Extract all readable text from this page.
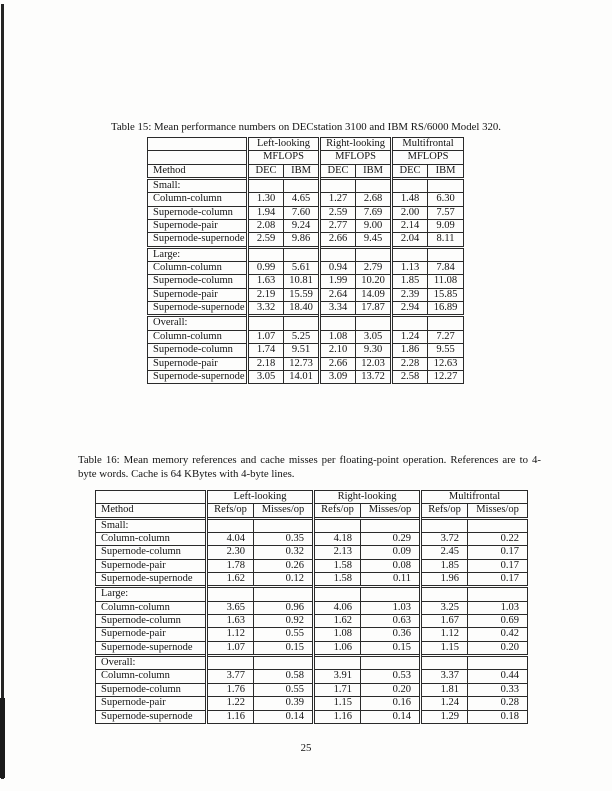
Table 15: Mean performance numbers on DECstation 3100 and IBM RS/6000 Model 320.
	Left-looking		Right-looking		Multifrontal	
	MFLOPS		MFLOPS		MFLOPS	
Method	DEC	IBM	DEC	IBM	DEC	IBM
Small:						
Column-column	1.30	4.65	1.27	2.68	1.48	6.30
Supernode-column	1.94	7.60	2.59	7.69	2.00	7.57
Supernode-pair	2.08	9.24	2.77	9.00	2.14	9.09
Supernode-supernode	2.59	9.86	2.66	9.45	2.04	8.11
Large:						
Column-column	0.99	5.61	0.94	2.79	1.13	7.84
Supernode-column	1.63	10.81	1.99	10.20	1.85	11.08
Supernode-pair	2.19	15.59	2.64	14.09	2.39	15.85
Supernode-supernode	3.32	18.40	3.34	17.87	2.94	16.89
Overall:						
Column-column	1.07	5.25	1.08	3.05	1.24	7.27
Supernode-column	1.74	9.51	2.10	9.30	1.86	9.55
Supernode-pair	2.18	12.73	2.66	12.03	2.28	12.63
Supernode-supernode	3.05	14.01	3.09	13.72	2.58	12.27
Table 16: Mean memory references and cache misses per floating-point operation. References are to 4-byte words. Cache is 64 KBytes with 4-byte lines.
	Left-looking		Right-looking		Multifrontal	
Method	Refs/op	Misses/op	Refs/op	Misses/op	Refs/op	Misses/op
Small:						
Column-column	4.04	0.35	4.18	0.29	3.72	0.22
Supernode-column	2.30	0.32	2.13	0.09	2.45	0.17
Supernode-pair	1.78	0.26	1.58	0.08	1.85	0.17
Supernode-supernode	1.62	0.12	1.58	0.11	1.96	0.17
Large:						
Column-column	3.65	0.96	4.06	1.03	3.25	1.03
Supernode-column	1.63	0.92	1.62	0.63	1.67	0.69
Supernode-pair	1.12	0.55	1.08	0.36	1.12	0.42
Supernode-supernode	1.07	0.15	1.06	0.15	1.15	0.20
Overall:						
Column-column	3.77	0.58	3.91	0.53	3.37	0.44
Supernode-column	1.76	0.55	1.71	0.20	1.81	0.33
Supernode-pair	1.22	0.39	1.15	0.16	1.24	0.28
Supernode-supernode	1.16	0.14	1.16	0.14	1.29	0.18
25
